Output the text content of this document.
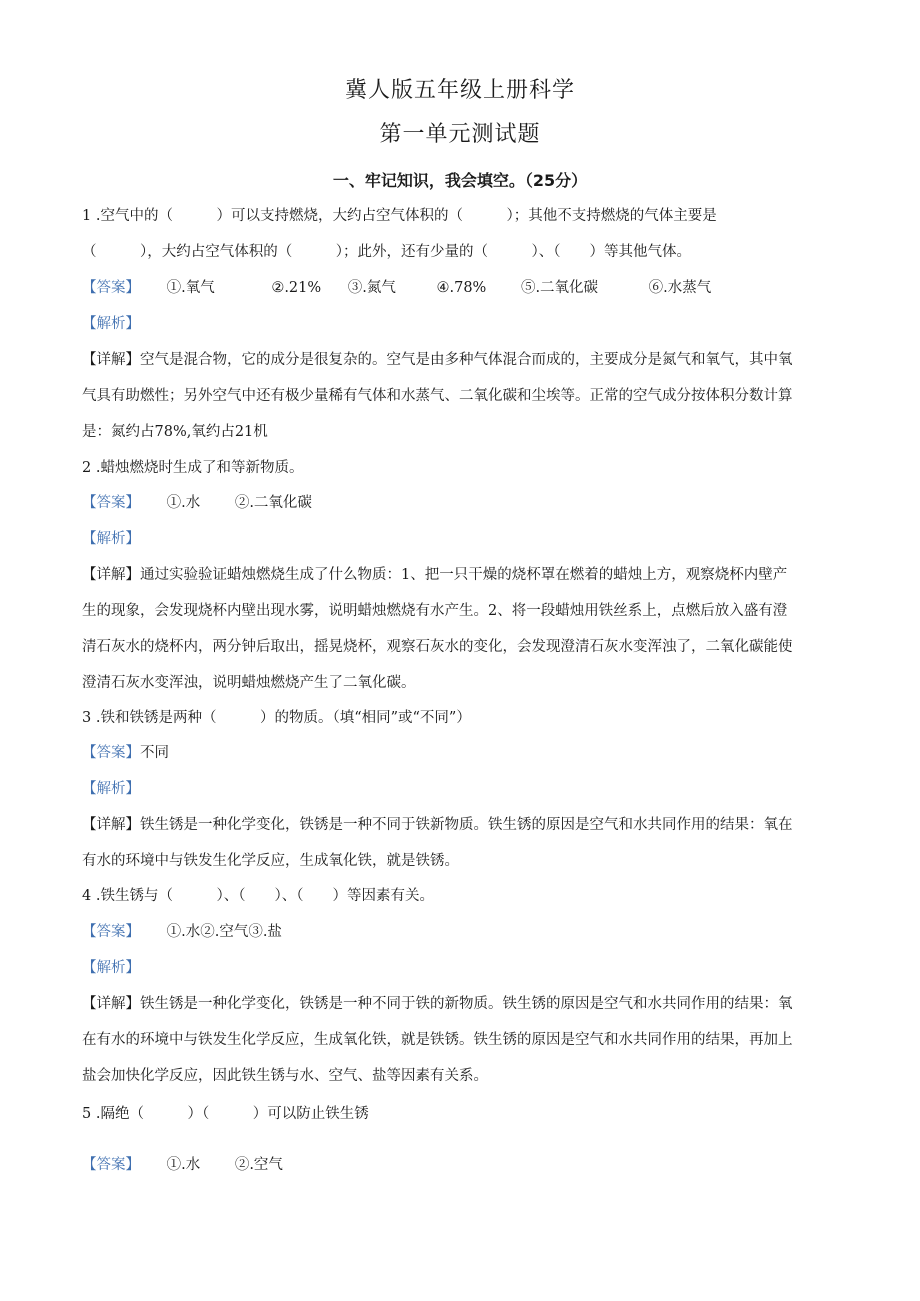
冀人版五年级上册科学
第一单元测试题
一、牢记知识，我会填空。（25分）
1 .空气中的（　　　）可以支持燃烧，大约占空气体积的（　　　）；其他不支持燃烧的气体主要是
（　　　），大约占空气体积的（　　　）；此外，还有少量的（　　　）、（　　）等其他气体。
【答案】 ①.氧气	②.21% ③.氮气	④.78% ⑤.二氧化碳	⑥.水蒸气
【解析】
【详解】空气是混合物，它的成分是很复杂的。空气是由多种气体混合而成的，主要成分是氮气和氧气，其中氧
气具有助燃性；另外空气中还有极少量稀有气体和水蒸气、二氧化碳和尘埃等。正常的空气成分按体积分数计算
是：氮约占78%,氧约占21机
2 .蜡烛燃烧时生成了和等新物质。
【答案】 ①.水 ②.二氧化碳
【解析】
【详解】通过实验验证蜡烛燃烧生成了什么物质：1、把一只干燥的烧杯罩在燃着的蜡烛上方，观察烧杯内壁产
生的现象，会发现烧杯内壁出现水雾，说明蜡烛燃烧有水产生。2、将一段蜡烛用铁丝系上，点燃后放入盛有澄
清石灰水的烧杯内，两分钟后取出，摇晃烧杯，观察石灰水的变化，会发现澄清石灰水变浑浊了，二氧化碳能使
澄清石灰水变浑浊，说明蜡烛燃烧产生了二氧化碳。
3 .铁和铁锈是两种（　　　）的物质。（填“相同”或“不同”）
【答案】不同
【解析】
【详解】铁生锈是一种化学变化，铁锈是一种不同于铁新物质。铁生锈的原因是空气和水共同作用的结果：氧在
有水的环境中与铁发生化学反应，生成氧化铁，就是铁锈。
4 .铁生锈与（　　　）、（　　）、（　　）等因素有关。
【答案】 ①.水②.空气③.盐
【解析】
【详解】铁生锈是一种化学变化，铁锈是一种不同于铁的新物质。铁生锈的原因是空气和水共同作用的结果：氧
在有水的环境中与铁发生化学反应，生成氧化铁，就是铁锈。铁生锈的原因是空气和水共同作用的结果，再加上
盐会加快化学反应，因此铁生锈与水、空气、盐等因素有关系。
5 .隔绝（　　　）（　　　）可以防止铁生锈
【答案】 ①.水 ②.空气
